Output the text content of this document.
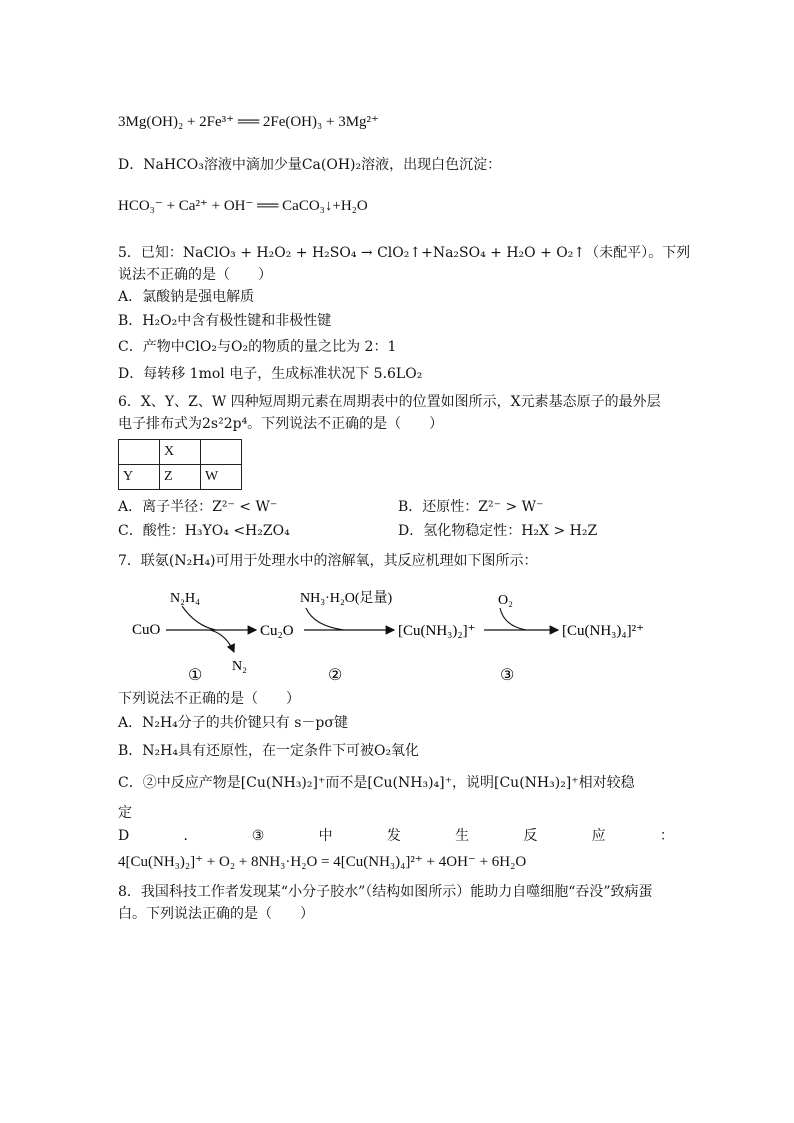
3Mg(OH)₂ + 2Fe³⁺ ══ 2Fe(OH)₃ + 3Mg²⁺
D．NaHCO₃溶液中滴加少量Ca(OH)₂溶液，出现白色沉淀：
HCO₃⁻ + Ca²⁺ + OH⁻ ══ CaCO₃↓+H₂O
5．已知：NaClO₃ + H₂O₂ + H₂SO₄ → ClO₂↑+Na₂SO₄ + H₂O + O₂↑（未配平）。下列
说法不正确的是（　　）
A．氯酸钠是强电解质
B．H₂O₂中含有极性键和非极性键
C．产物中ClO₂与O₂的物质的量之比为 2：1
D．每转移 1mol 电子，生成标准状况下 5.6LO₂
6．X、Y、Z、W 四种短周期元素在周期表中的位置如图所示，X元素基态原子的最外层
电子排布式为2s²2p⁴。下列说法不正确的是（　　）
	X	
Y	Z	W
A．离子半径：Z²⁻ < W⁻	B．还原性：Z²⁻ > W⁻
C．酸性：H₃YO₄ <H₂ZO₄	D．氢化物稳定性：H₂X > H₂Z
7．联氨(N₂H₄)可用于处理水中的溶解氧，其反应机理如下图所示：
CuO
N₂H₄
N₂
Cu₂O
NH₃·H₂O(足量)
[Cu(NH₃)₂]⁺
O₂
[Cu(NH₃)₄]²⁺
①	②	③
下列说法不正确的是（　　）
A．N₂H₄分子的共价键只有 s－pσ键
B．N₂H₄具有还原性，在一定条件下可被O₂氧化
C．②中反应产物是[Cu(NH₃)₂]⁺而不是[Cu(NH₃)₄]⁺，说明[Cu(NH₃)₂]⁺相对较稳
定
D	．	③	中	发	生	反	应	：
4[Cu(NH₃)₂]⁺ + O₂ + 8NH₃·H₂O = 4[Cu(NH₃)₄]²⁺ + 4OH⁻ + 6H₂O
8．我国科技工作者发现某“小分子胶水”（结构如图所示）能助力自噬细胞“吞没”致病蛋
白。下列说法正确的是（　　）
